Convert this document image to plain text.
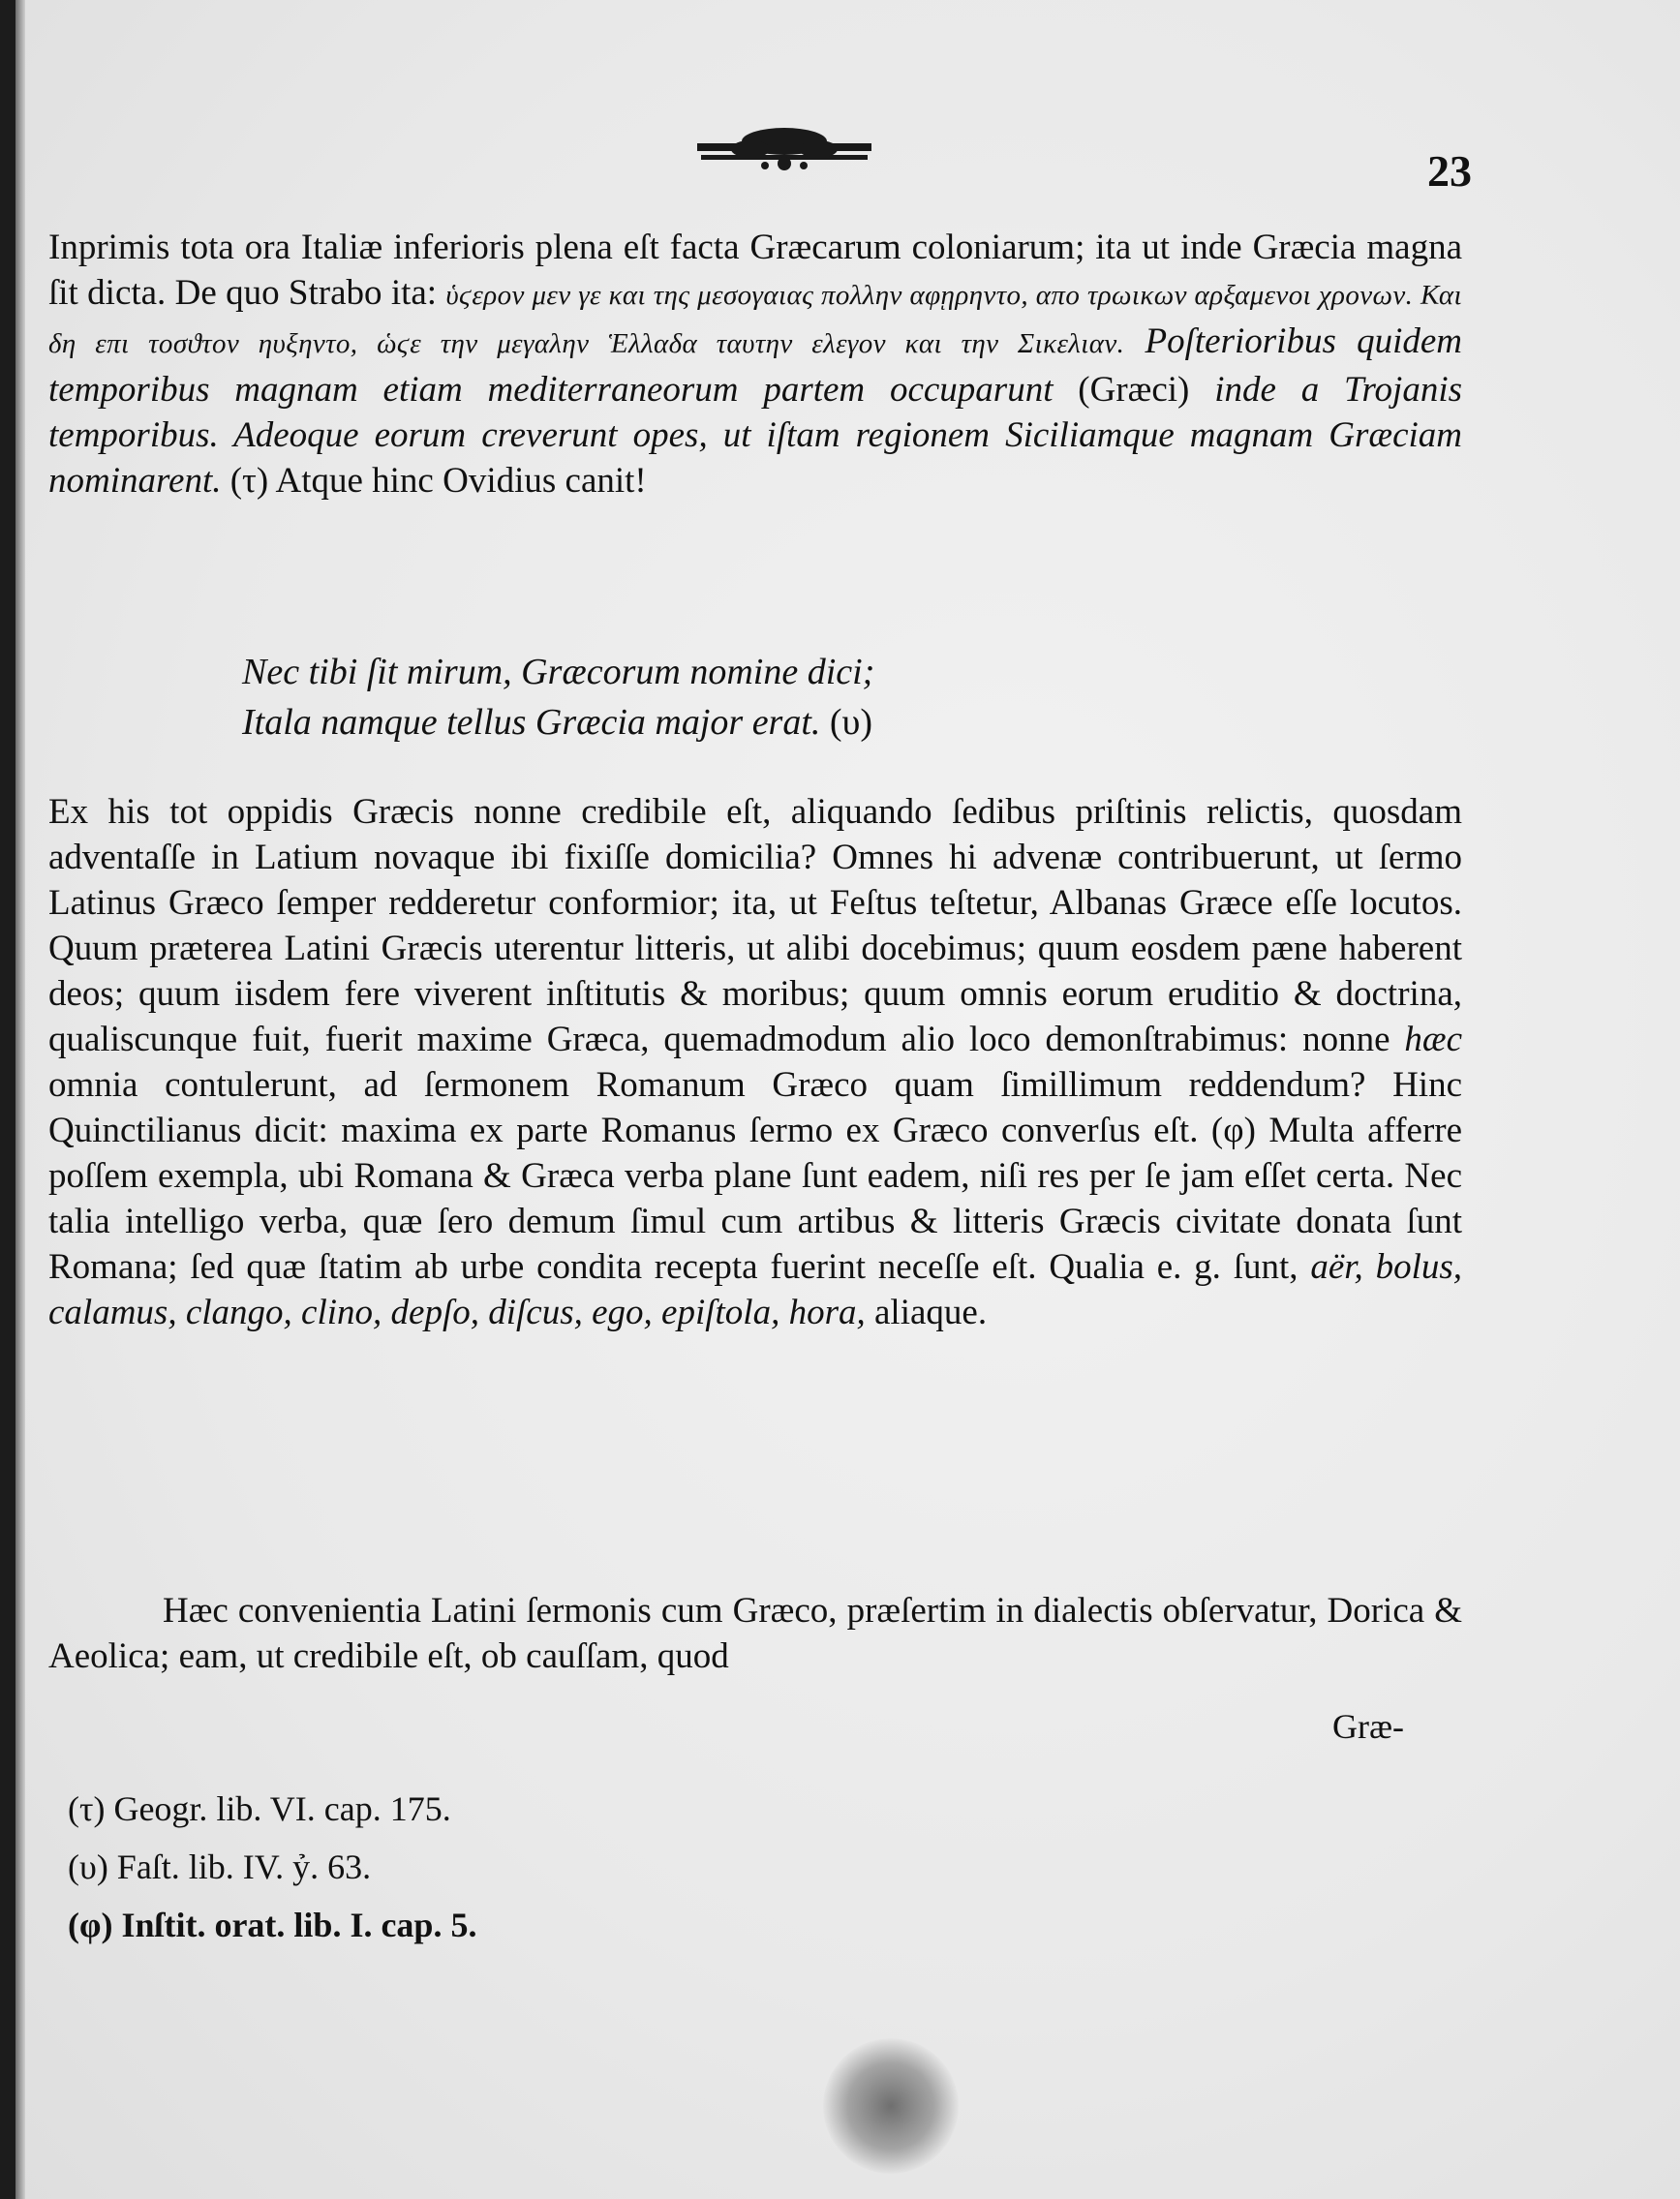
23

Inprimis tota ora Italiæ inferioris plena eſt facta Græcarum coloniarum; ita ut inde Græcia magna ſit dicta. De quo Strabo ita: ὑϛερον μεν γε και της μεσογαιας πολλην αφῃρηντο, απο τρωικων αρξαμενοι χρονων. Και δη επι τοσϑτον ηυξηντο, ὡϛε την μεγαλην Ἑλλαδα ταυτην ελεγον και την Σικελιαν. Poſterioribus quidem temporibus magnam etiam mediterraneorum partem occuparunt (Græci) inde a Trojanis temporibus. Adeoque eorum creverunt opes, ut iſtam regionem Siciliamque magnam Græciam nominarent. (τ) Atque hinc Ovidius canit!

Nec tibi ſit mirum, Græcorum nomine dici;
Itala namque tellus Græcia major erat. (υ)

Ex his tot oppidis Græcis nonne credibile eſt, aliquando ſedibus priſtinis relictis, quosdam adventaſſe in Latium novaque ibi fixiſſe domicilia? Omnes hi advenæ contribuerunt, ut ſermo Latinus Græco ſemper redderetur conformior; ita, ut Feſtus teſtetur, Albanas Græce eſſe locutos. Quum præterea Latini Græcis uterentur litteris, ut alibi docebimus; quum eosdem pæne haberent deos; quum iisdem fere viverent inſtitutis & moribus; quum omnis eorum eruditio & doctrina, qualiscunque fuit, fuerit maxime Græca, quemadmodum alio loco demonſtrabimus: nonne hæc omnia contulerunt, ad ſermonem Romanum Græco quam ſimillimum reddendum? Hinc Quinctilianus dicit: maxima ex parte Romanus ſermo ex Græco converſus eſt. (φ) Multa afferre poſſem exempla, ubi Romana & Græca verba plane ſunt eadem, niſi res per ſe jam eſſet certa. Nec talia intelligo verba, quæ ſero demum ſimul cum artibus & litteris Græcis civitate donata ſunt Romana; ſed quæ ſtatim ab urbe condita recepta fuerint neceſſe eſt. Qualia e. g. ſunt, aër, bolus, calamus, clango, clino, depſo, diſcus, ego, epiſtola, hora, aliaque.

Hæc convenientia Latini ſermonis cum Græco, præſertim in dialectis obſervatur, Dorica & Aeolica; eam, ut credibile eſt, ob cauſſam, quod

Græ-
(τ) Geogr. lib. VI. cap. 175.
(υ) Faſt. lib. IV. ỷ. 63.
(φ) Inſtit. orat. lib. I. cap. 5.
